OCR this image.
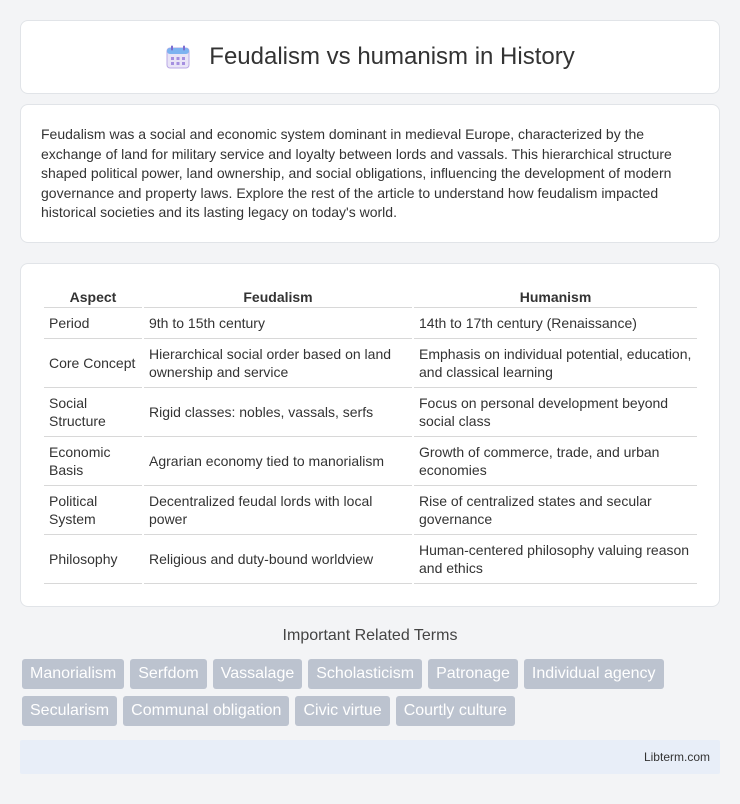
Feudalism vs humanism in History

Feudalism was a social and economic system dominant in medieval Europe, characterized by the exchange of land for military service and loyalty between lords and vassals. This hierarchical structure shaped political power, land ownership, and social obligations, influencing the development of modern governance and property laws. Explore the rest of the article to understand how feudalism impacted historical societies and its lasting legacy on today's world.

Aspect	Feudalism	Humanism
Period	9th to 15th century	14th to 17th century (Renaissance)
Core Concept	Hierarchical social order based on land ownership and service	Emphasis on individual potential, education, and classical learning
Social Structure	Rigid classes: nobles, vassals, serfs	Focus on personal development beyond social class
Economic Basis	Agrarian economy tied to manorialism	Growth of commerce, trade, and urban economies
Political System	Decentralized feudal lords with local power	Rise of centralized states and secular governance
Philosophy	Religious and duty-bound worldview	Human-centered philosophy valuing reason and ethics
Important Related Terms
Manorialism	Serfdom	Vassalage	Scholasticism	Patronage	Individual agency
Secularism	Communal obligation	Civic virtue	Courtly culture
Libterm.com
